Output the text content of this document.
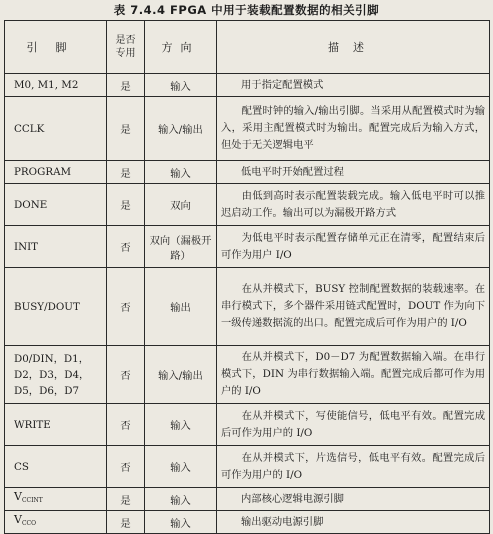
表 7.4.4 FPGA 中用于装载配置数据的相关引脚
引脚	是否专用	方向	描述
M0, M1, M2	是	输入	用于指定配置模式
CCLK	是	输入/输出	配置时钟的输入/输出引脚。当采用从配置模式时为输入，采用主配置模式时为输出。配置完成后为输入方式，但处于无关逻辑电平
PROGRAM	是	输入	低电平时开始配置过程
DONE	是	双向	由低到高时表示配置装载完成。输入低电平时可以推迟启动工作。输出可以为漏极开路方式
INIT	否	双向（漏极开路）	为低电平时表示配置存储单元正在清零，配置结束后可作为用户 I/O
BUSY/DOUT	否	输出	在从并模式下，BUSY 控制配置数据的装载速率。在串行模式下，多个器件采用链式配置时，DOUT 作为向下一级传递数据流的出口。配置完成后可作为用户的 I/O
D0/DIN，D1，D2，D3，D4，D5，D6，D7	否	输入/输出	在从并模式下，D0－D7 为配置数据输入端。在串行模式下，DIN 为串行数据输入端。配置完成后都可作为用户的 I/O
WRITE	否	输入	在从并模式下，写使能信号，低电平有效。配置完成后可作为用户的 I/O
CS	否	输入	在从并模式下，片选信号，低电平有效。配置完成后可作为用户的 I/O
$V_{CCINT}$	是	输入	内部核心逻辑电源引脚
$V_{CCO}$	是	输入	输出驱动电源引脚
